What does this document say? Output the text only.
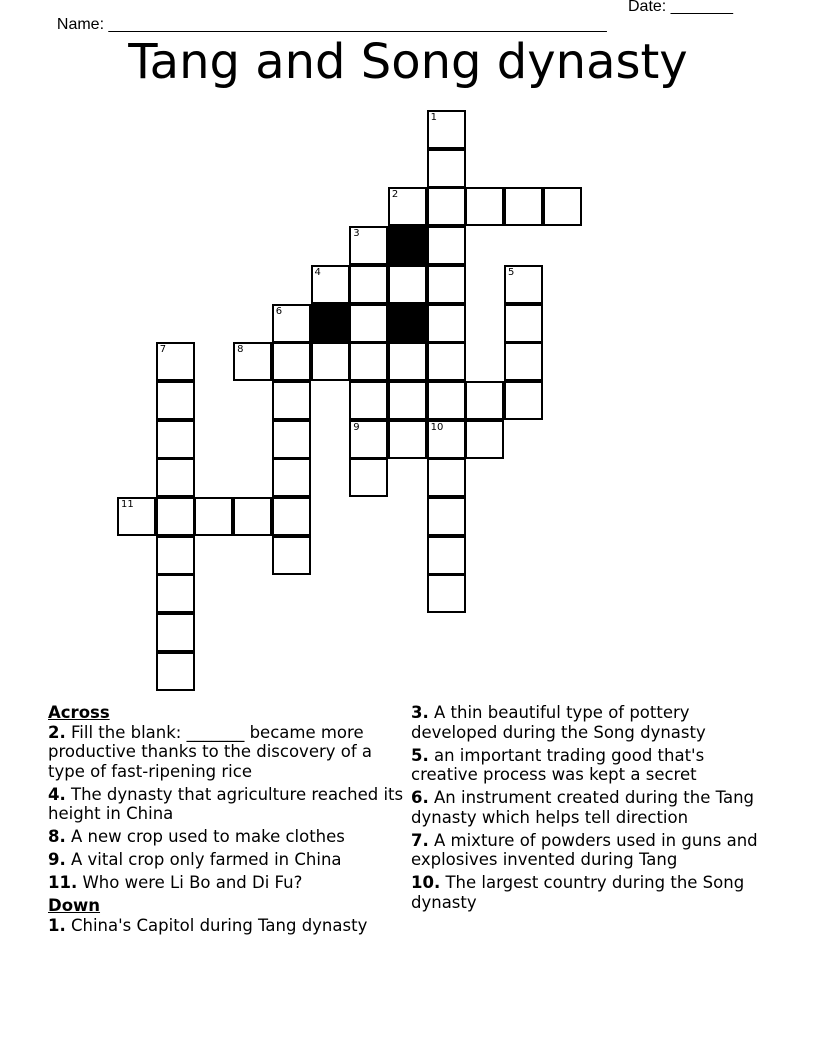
Name: ________________________________________________________

Date: _______

Tang and Song dynasty
1
2
3
4	5
6
7	8
9	10
11
Across
2. Fill the blank: _______ became more productive thanks to the discovery of a type of fast-ripening rice
4. The dynasty that agriculture reached its height in China
8. A new crop used to make clothes
9. A vital crop only farmed in China
11. Who were Li Bo and Di Fu?
Down
1. China's Capitol during Tang dynasty
3. A thin beautiful type of pottery developed during the Song dynasty
5. an important trading good that's creative process was kept a secret
6. An instrument created during the Tang dynasty which helps tell direction
7. A mixture of powders used in guns and explosives invented during Tang
10. The largest country during the Song dynasty
